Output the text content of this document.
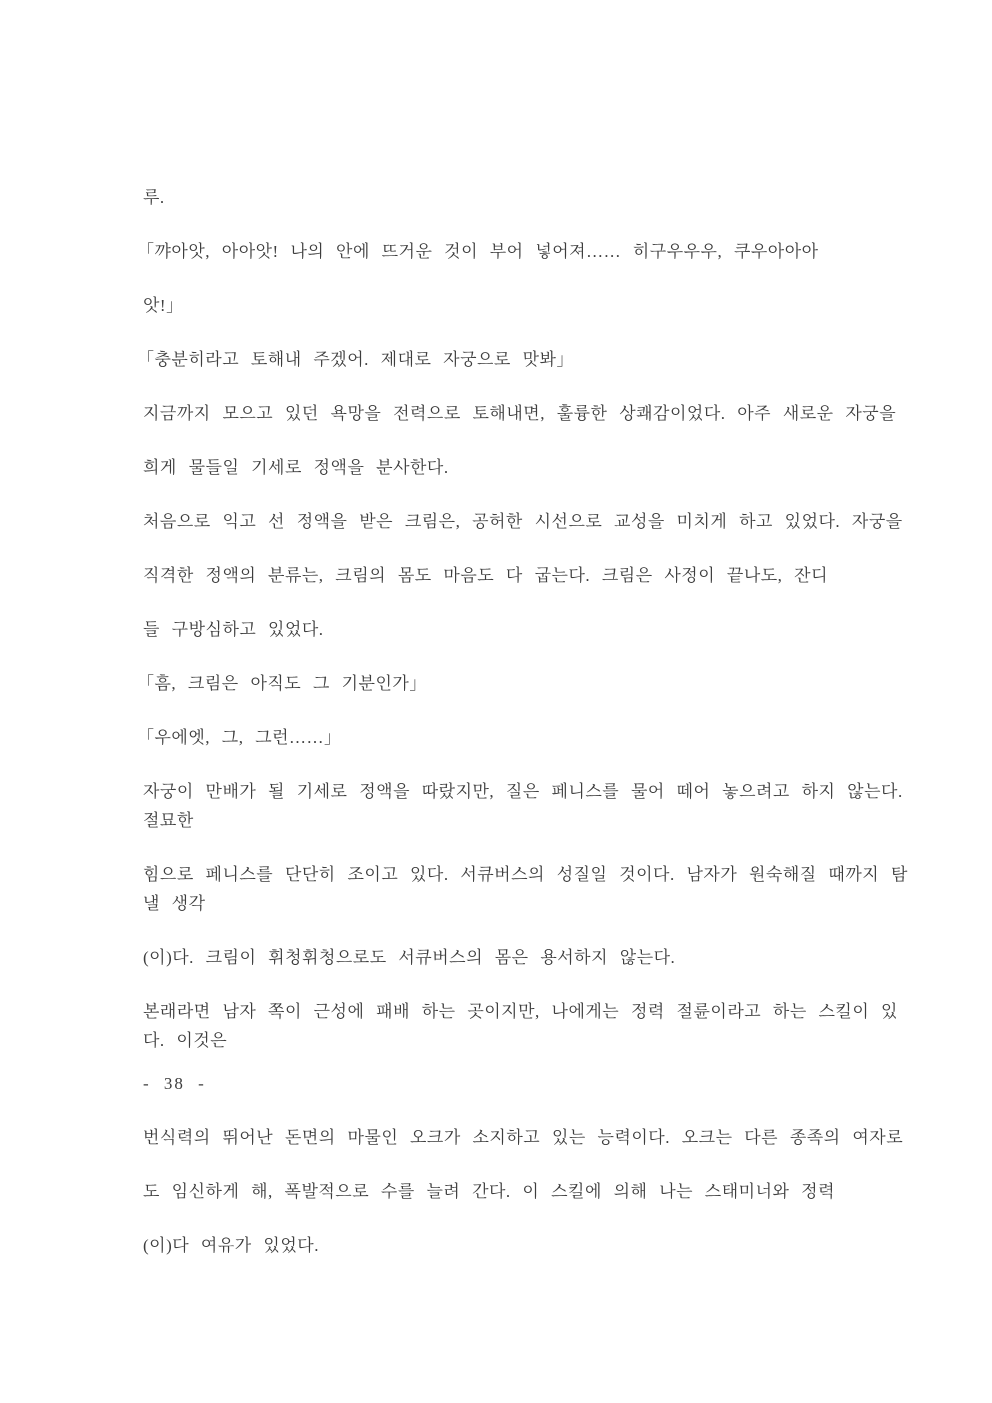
루.
「꺄아앗, 아아앗! 나의 안에 뜨거운 것이 부어 넣어져…… 히구우우우, 쿠우아아아
앗!」
「충분히라고 토해내 주겠어. 제대로 자궁으로 맛봐」
지금까지 모으고 있던 욕망을 전력으로 토해내면, 훌륭한 상쾌감이었다. 아주 새로운 자궁을
희게 물들일 기세로 정액을 분사한다.
처음으로 익고 선 정액을 받은 크림은, 공허한 시선으로 교성을 미치게 하고 있었다. 자궁을
직격한 정액의 분류는, 크림의 몸도 마음도 다 굽는다. 크림은 사정이 끝나도, 잔디
들 구방심하고 있었다.
「흠, 크림은 아직도 그 기분인가」
「우에엣, 그, 그런……」
자궁이 만배가 될 기세로 정액을 따랐지만, 질은 페니스를 물어 떼어 놓으려고 하지 않는다.
절묘한
힘으로 페니스를 단단히 조이고 있다. 서큐버스의 성질일 것이다. 남자가 원숙해질 때까지 탐
낼 생각
(이)다. 크림이 휘청휘청으로도 서큐버스의 몸은 용서하지 않는다.
본래라면 남자 쪽이 근성에 패배 하는 곳이지만, 나에게는 정력 절륜이라고 하는 스킬이 있
다. 이것은
- 38 -
번식력의 뛰어난 돈면의 마물인 오크가 소지하고 있는 능력이다. 오크는 다른 종족의 여자로
도 임신하게 해, 폭발적으로 수를 늘려 간다. 이 스킬에 의해 나는 스태미너와 정력
(이)다 여유가 있었다.
